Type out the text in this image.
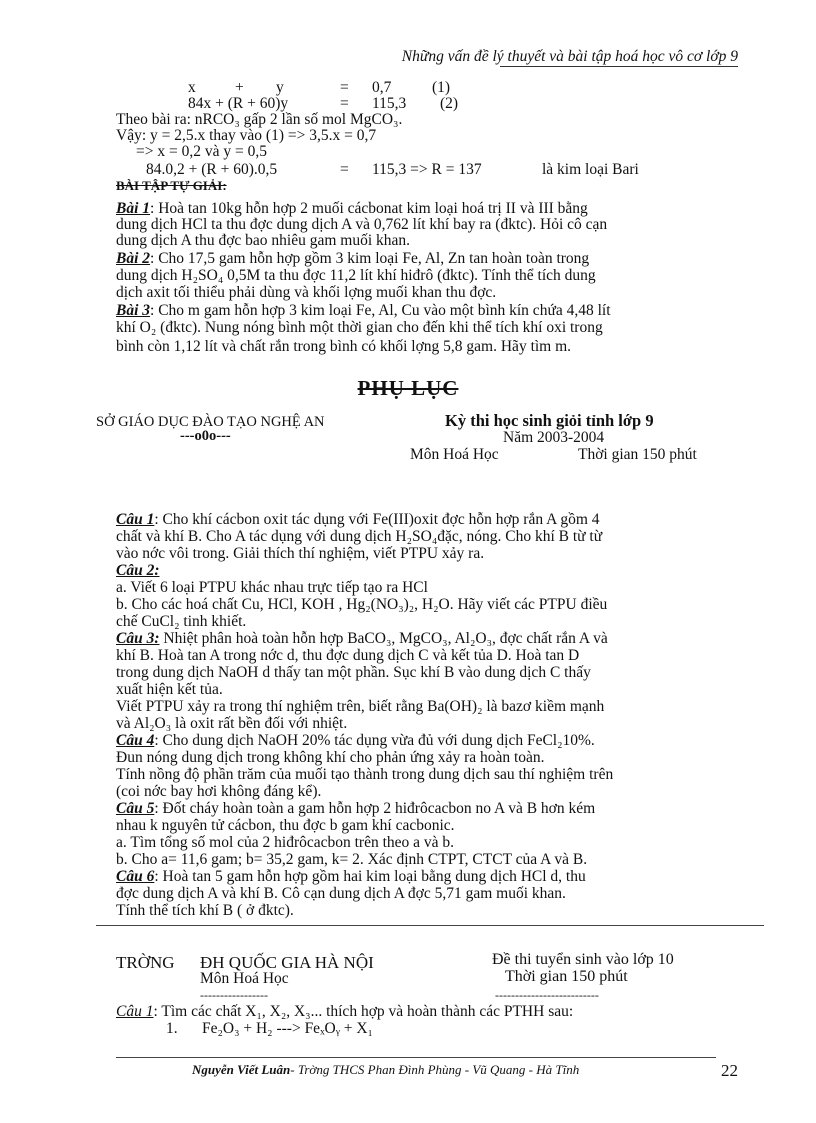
Những vấn đề lý thuyết và bài tập hoá học vô cơ lớp 9
x	+ y	= 0,7	(1)
84x + (R + 60)y	= 115,3 (2)
Theo bài ra: nRCO₃ gấp 2 lần số mol MgCO₃.
Vậy: y = 2,5.x thay vào (1) => 3,5.x = 0,7
=> x = 0,2 và y = 0,5
84.0,2 + (R + 60).0,5	= 115,3 => R = 137	là kim loại Bari
BÀI TẬP TỰ GIẢI:
Bài 1: Hoà tan 10kg hỗn hợp 2 muối cácbonat kim loại hoá trị II và III bằng
dung dịch HCl ta thu đợc dung dịch A và 0,762 lít khí bay ra (đktc). Hỏi cô cạn
dung dịch A thu đợc bao nhiêu gam muối khan.
Bài 2: Cho 17,5 gam hỗn hợp gồm 3 kim loại Fe, Al, Zn tan hoàn toàn trong
dung dịch H₂SO₄ 0,5M ta thu đợc 11,2 lít khí hiđrô (đktc). Tính thể tích dung
dịch axit tối thiểu phải dùng và khối lợng muối khan thu đợc.
Bài 3: Cho m gam hỗn hợp 3 kim loại Fe, Al, Cu vào một bình kín chứa 4,48 lít
khí O₂ (đktc). Nung nóng bình một thời gian cho đến khi thể tích khí oxi trong
bình còn 1,12 lít và chất rắn trong bình có khối lợng 5,8 gam. Hãy tìm m.
PHỤ LỤC
SỞ GIÁO DỤC ĐÀO TẠO NGHỆ AN
---o0o---
Kỳ thi học sinh giỏi tỉnh lớp 9
Năm 2003-2004
Môn Hoá Học	Thời gian 150 phút
Câu 1: Cho khí cácbon oxit tác dụng với Fe(III)oxit đợc hỗn hợp rắn A gồm 4
chất và khí B. Cho A tác dụng với dung dịch H₂SO₄đặc, nóng. Cho khí B từ từ
vào nớc vôi trong. Giải thích thí nghiệm, viết PTPU xảy ra.
Câu 2:
a. Viết 6 loại PTPU khác nhau trực tiếp tạo ra HCl
b. Cho các hoá chất Cu, HCl, KOH , Hg₂(NO₃)₂, H₂O. Hãy viết các PTPU điều
chế CuCl₂ tinh khiết.
Câu 3: Nhiệt phân hoà toàn hỗn hợp BaCO₃, MgCO₃, Al₂O₃, đợc chất rắn A và
khí B. Hoà tan A trong nớc d, thu đợc dung dịch C và kết tủa D. Hoà tan D
trong dung dịch NaOH d thấy tan một phần. Sục khí B vào dung dịch C thấy
xuất hiện kết tủa.
Viết PTPU xảy ra trong thí nghiệm trên, biết rằng Ba(OH)₂ là bazơ kiềm mạnh
và Al₂O₃ là oxit rất bền đối với nhiệt.
Câu 4: Cho dung dịch NaOH 20% tác dụng vừa đủ với dung dịch FeCl₂10%.
Đun nóng dung dịch trong không khí cho phản ứng xảy ra hoàn toàn.
Tính nồng độ phần trăm của muối tạo thành trong dung dịch sau thí nghiệm trên
(coi nớc bay hơi không đáng kể).
Câu 5: Đốt cháy hoàn toàn a gam hỗn hợp 2 hiđrôcacbon no A và B hơn kém
nhau k nguyên tử cácbon, thu đợc b gam khí cacbonic.
a. Tìm tổng số mol của 2 hiđrôcacbon trên theo a và b.
b. Cho a= 11,6 gam; b= 35,2 gam, k= 2. Xác định CTPT, CTCT của A và B.
Câu 6: Hoà tan 5 gam hỗn hợp gồm hai kim loại bằng dung dịch HCl d, thu
đợc dung dịch A và khí B. Cô cạn dung dịch A đợc 5,71 gam muối khan.
Tính thể tích khí B ( ở đktc).
TRỜNG ĐH QUỐC GIA HÀ NỘI
Môn Hoá Học
-----------------
Đề thi tuyển sinh vào lớp 10
Thời gian 150 phút
--------------------------
Câu 1: Tìm các chất X₁, X₂, X₃... thích hợp và hoàn thành các PTHH sau:
1. Fe₂O₃ + H₂ ---> FeₓOᵧ + X₁
Nguyễn Viết Luân- Trờng THCS Phan Đình Phùng - Vũ Quang - Hà Tĩnh	22
